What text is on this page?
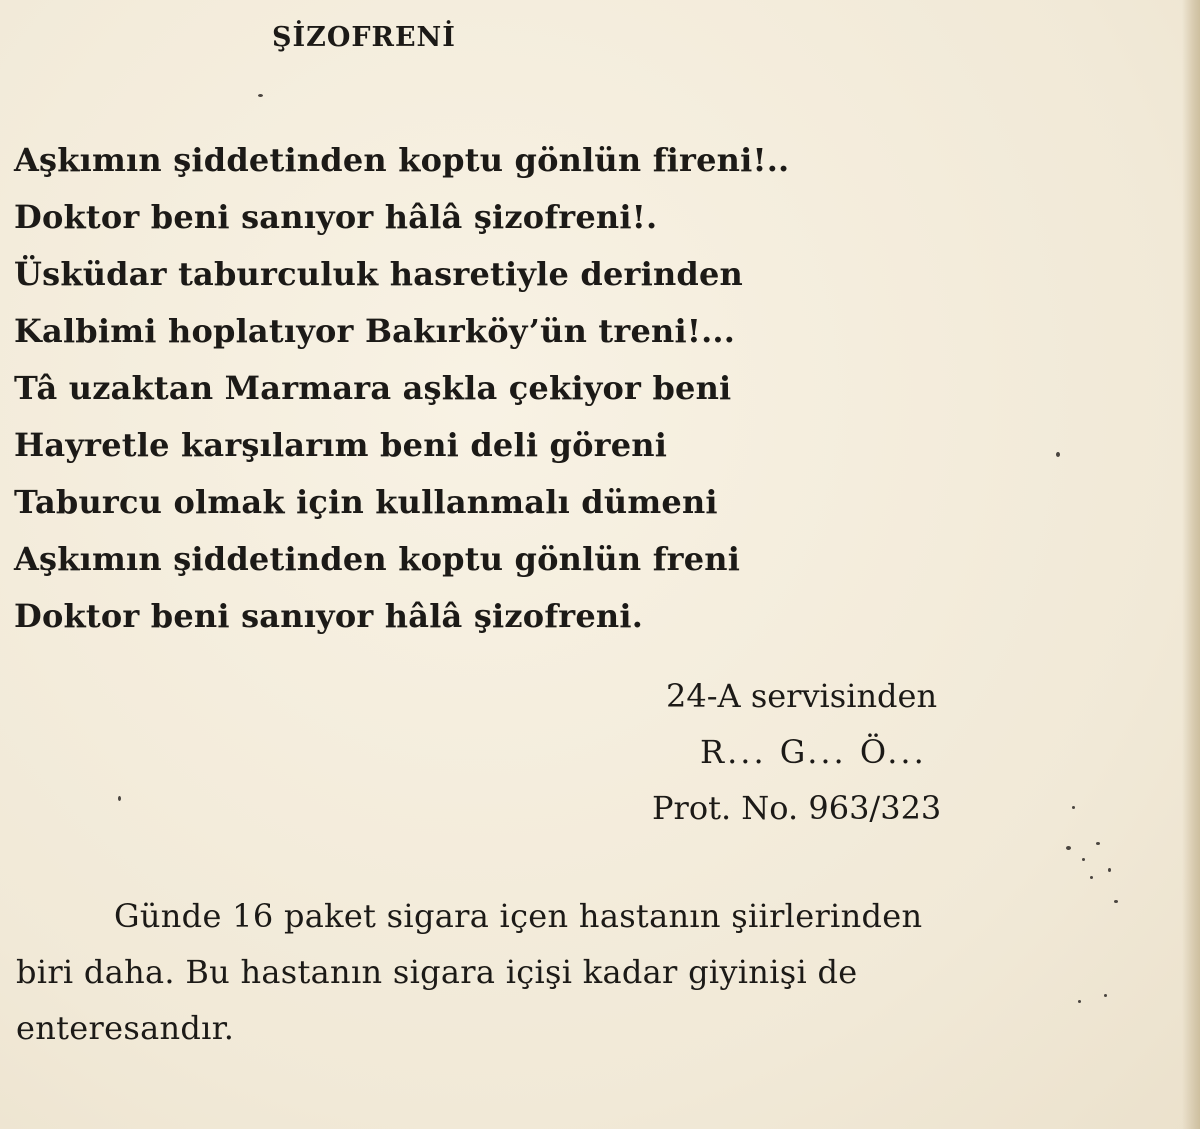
ŞİZOFRENİ
Aşkımın şiddetinden koptu gönlün fireni!..
Doktor beni sanıyor hâlâ şizofreni!.
Üsküdar taburculuk hasretiyle derinden
Kalbimi hoplatıyor Bakırköy’ün treni!...
Tâ uzaktan Marmara aşkla çekiyor beni
Hayretle karşılarım beni deli göreni
Taburcu olmak için kullanmalı dümeni
Aşkımın şiddetinden koptu gönlün freni
Doktor beni sanıyor hâlâ şizofreni.
24-A servisinden
R... G... Ö...
Prot. No. 963/323
Günde 16 paket sigara içen hastanın şiirlerinden
biri daha. Bu hastanın sigara içişi kadar giyinişi de
enteresandır.
